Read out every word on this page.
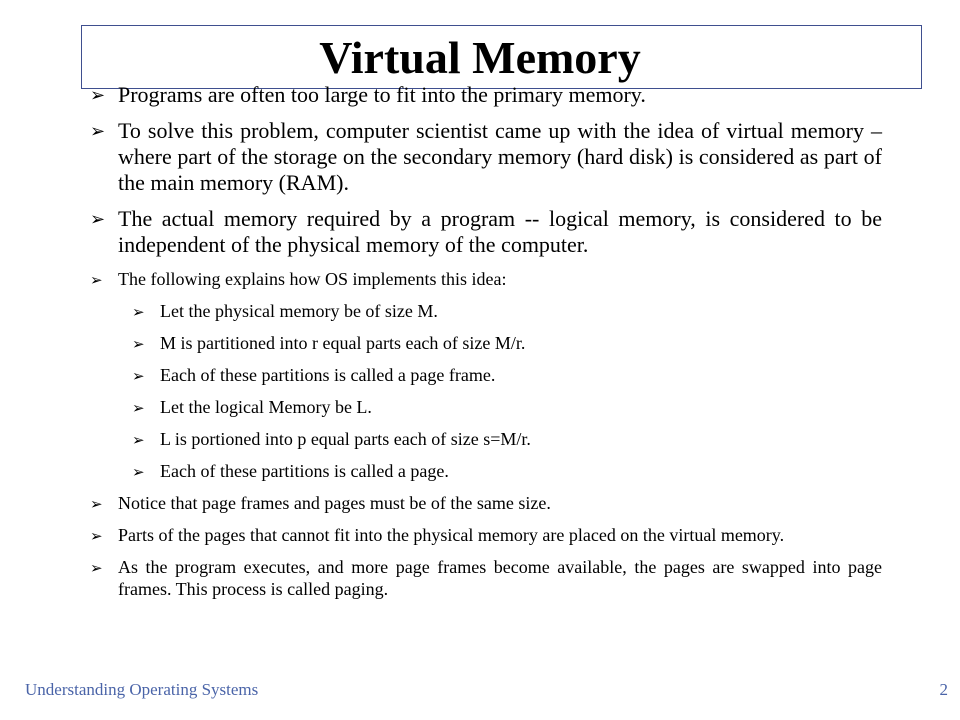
Virtual Memory
➢ Programs are often too large to fit into the primary memory.
➢ To solve this problem, computer scientist came up with the idea of virtual memory – where part of the storage on the secondary memory (hard disk) is considered as part of the main memory (RAM).
➢ The actual memory required by a program -- logical memory, is considered to be independent of the physical memory of the computer.
➢ The following explains how OS implements this idea:
➢ Let the physical memory be of size M.
➢ M is partitioned into r equal parts each of size M/r.
➢ Each of these partitions is called a page frame.
➢ Let the logical Memory be L.
➢ L is portioned into p equal parts each of size s=M/r.
➢ Each of these partitions is called a page.
➢ Notice that page frames and pages must be of the same size.
➢ Parts of the pages that cannot fit into the physical memory are placed on the virtual memory.
➢ As the program executes, and more page frames become available, the pages are swapped into page frames. This process is called paging.
Understanding Operating Systems	2
